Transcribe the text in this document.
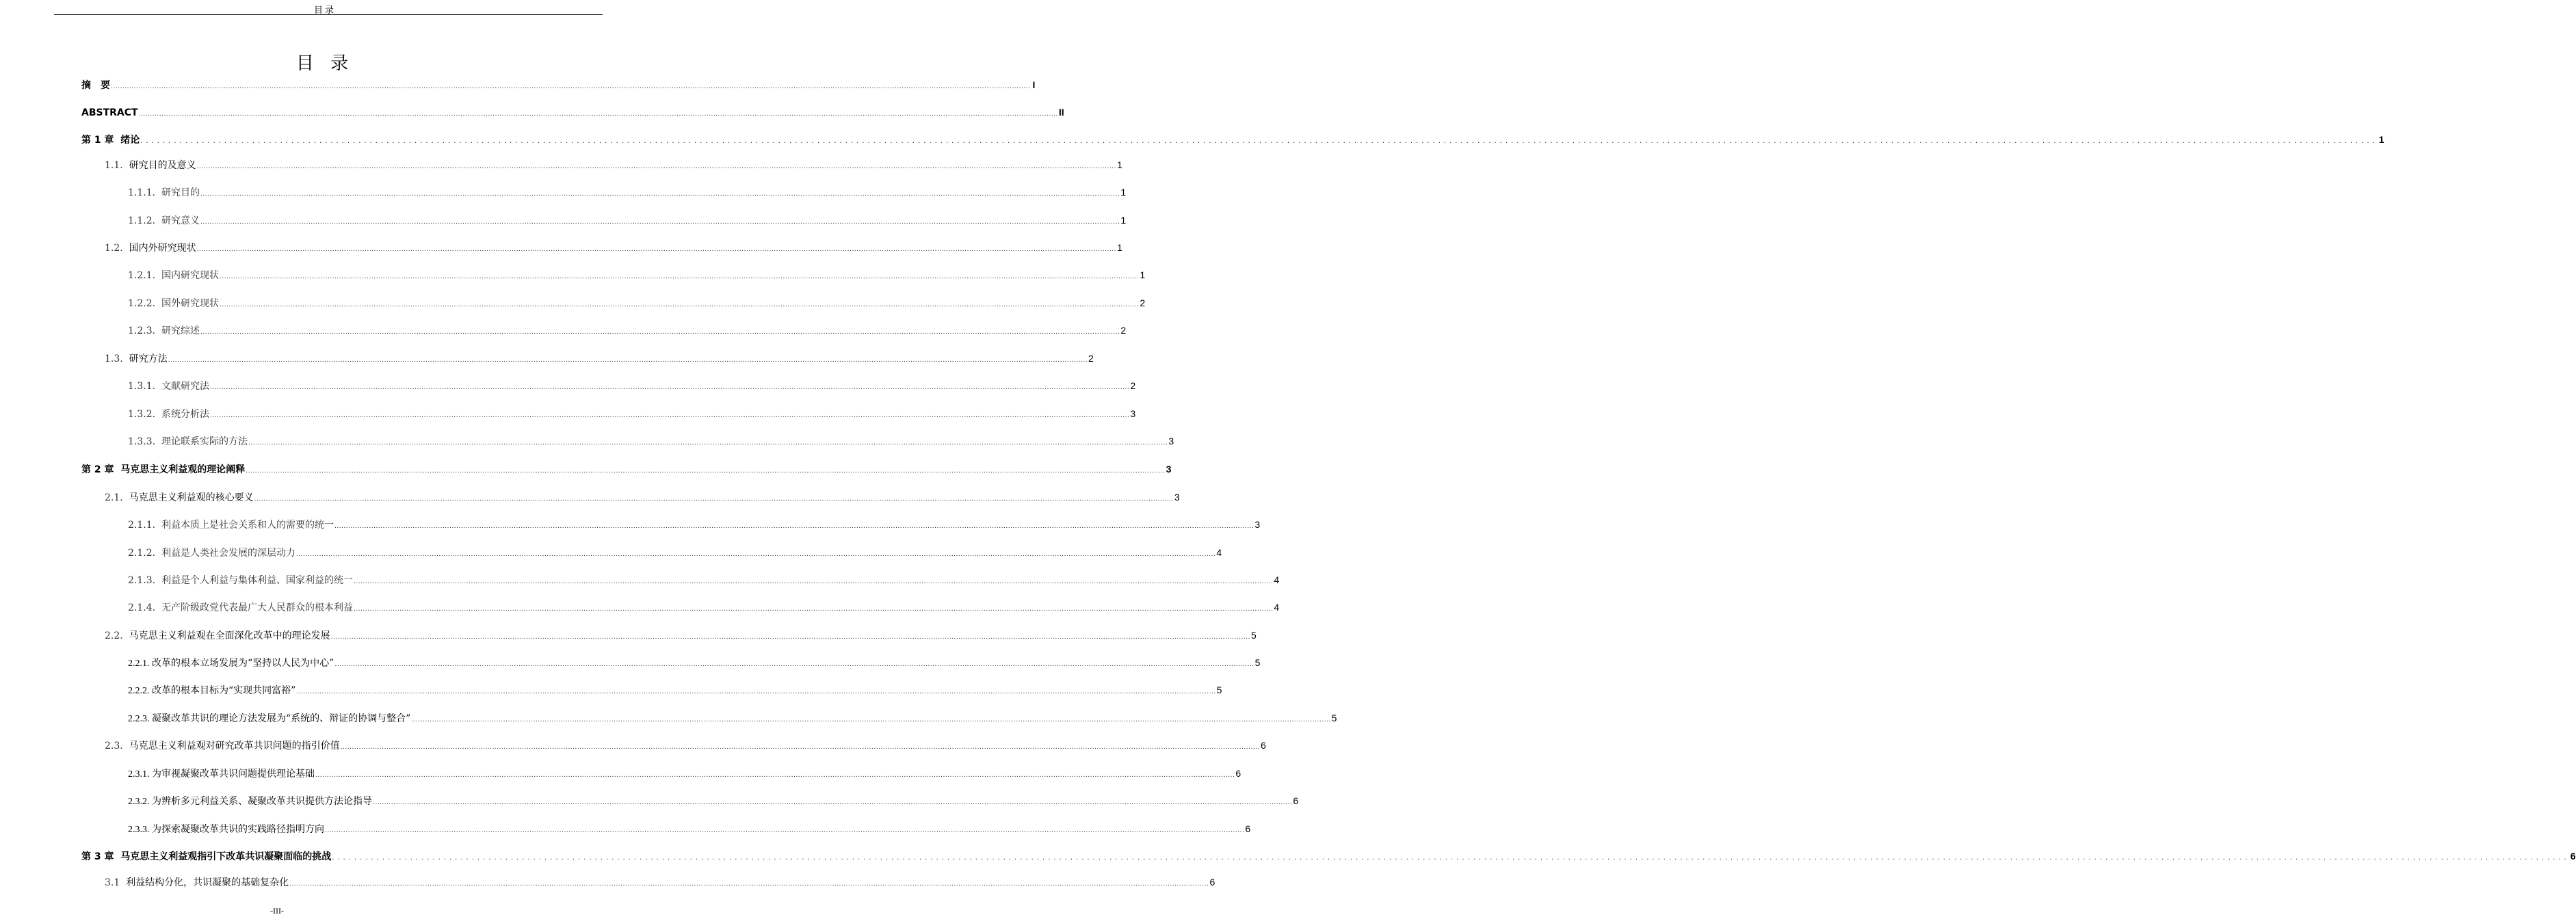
目录
目 录
摘　要 ................................................................................................................................................................................................................................................................................................................................................................................................................ I
ABSTRACT ................................................................................................................................................................................................................................................................................................................................................................................................................ II
第 1 章 绪论 ................................................................................................................................................................................................................................................................................................................................................................................................................ 1
1.1. 研究目的及意义 ................................................................................................................................................................................................................................................................................................................................................................................................................ 1
1.1.1. 研究目的 ................................................................................................................................................................................................................................................................................................................................................................................................................ 1
1.1.2. 研究意义 ................................................................................................................................................................................................................................................................................................................................................................................................................ 1
1.2. 国内外研究现状 ................................................................................................................................................................................................................................................................................................................................................................................................................ 1
1.2.1. 国内研究现状 ................................................................................................................................................................................................................................................................................................................................................................................................................ 1
1.2.2. 国外研究现状 ................................................................................................................................................................................................................................................................................................................................................................................................................ 2
1.2.3. 研究综述 ................................................................................................................................................................................................................................................................................................................................................................................................................ 2
1.3. 研究方法 ................................................................................................................................................................................................................................................................................................................................................................................................................ 2
1.3.1. 文献研究法 ................................................................................................................................................................................................................................................................................................................................................................................................................ 2
1.3.2. 系统分析法 ................................................................................................................................................................................................................................................................................................................................................................................................................ 3
1.3.3. 理论联系实际的方法 ................................................................................................................................................................................................................................................................................................................................................................................................................ 3
第 2 章 马克思主义利益观的理论阐释 ................................................................................................................................................................................................................................................................................................................................................................................................................ 3
2.1. 马克思主义利益观的核心要义 ................................................................................................................................................................................................................................................................................................................................................................................................................ 3
2.1.1. 利益本质上是社会关系和人的需要的统一 ................................................................................................................................................................................................................................................................................................................................................................................................................ 3
2.1.2. 利益是人类社会发展的深层动力 ................................................................................................................................................................................................................................................................................................................................................................................................................ 4
2.1.3. 利益是个人利益与集体利益、国家利益的统一 ................................................................................................................................................................................................................................................................................................................................................................................................................ 4
2.1.4. 无产阶级政党代表最广大人民群众的根本利益 ................................................................................................................................................................................................................................................................................................................................................................................................................ 4
2.2. 马克思主义利益观在全面深化改革中的理论发展 ................................................................................................................................................................................................................................................................................................................................................................................................................ 5
2.2.1. 改革的根本立场发展为“坚持以人民为中心” ................................................................................................................................................................................................................................................................................................................................................................................................................ 5
2.2.2. 改革的根本目标为“实现共同富裕” ................................................................................................................................................................................................................................................................................................................................................................................................................ 5
2.2.3. 凝聚改革共识的理论方法发展为“系统的、辩证的协调与整合” ................................................................................................................................................................................................................................................................................................................................................................................................................ 5
2.3. 马克思主义利益观对研究改革共识问题的指引价值 ................................................................................................................................................................................................................................................................................................................................................................................................................ 6
2.3.1. 为审视凝聚改革共识问题提供理论基础 ................................................................................................................................................................................................................................................................................................................................................................................................................ 6
2.3.2. 为辨析多元利益关系、凝聚改革共识提供方法论指导 ................................................................................................................................................................................................................................................................................................................................................................................................................ 6
2.3.3. 为探索凝聚改革共识的实践路径指明方向 ................................................................................................................................................................................................................................................................................................................................................................................................................ 6
第 3 章 马克思主义利益观指引下改革共识凝聚面临的挑战 ................................................................................................................................................................................................................................................................................................................................................................................................................ 6
3.1 利益结构分化，共识凝聚的基础复杂化 ................................................................................................................................................................................................................................................................................................................................................................................................................ 6
-III-
